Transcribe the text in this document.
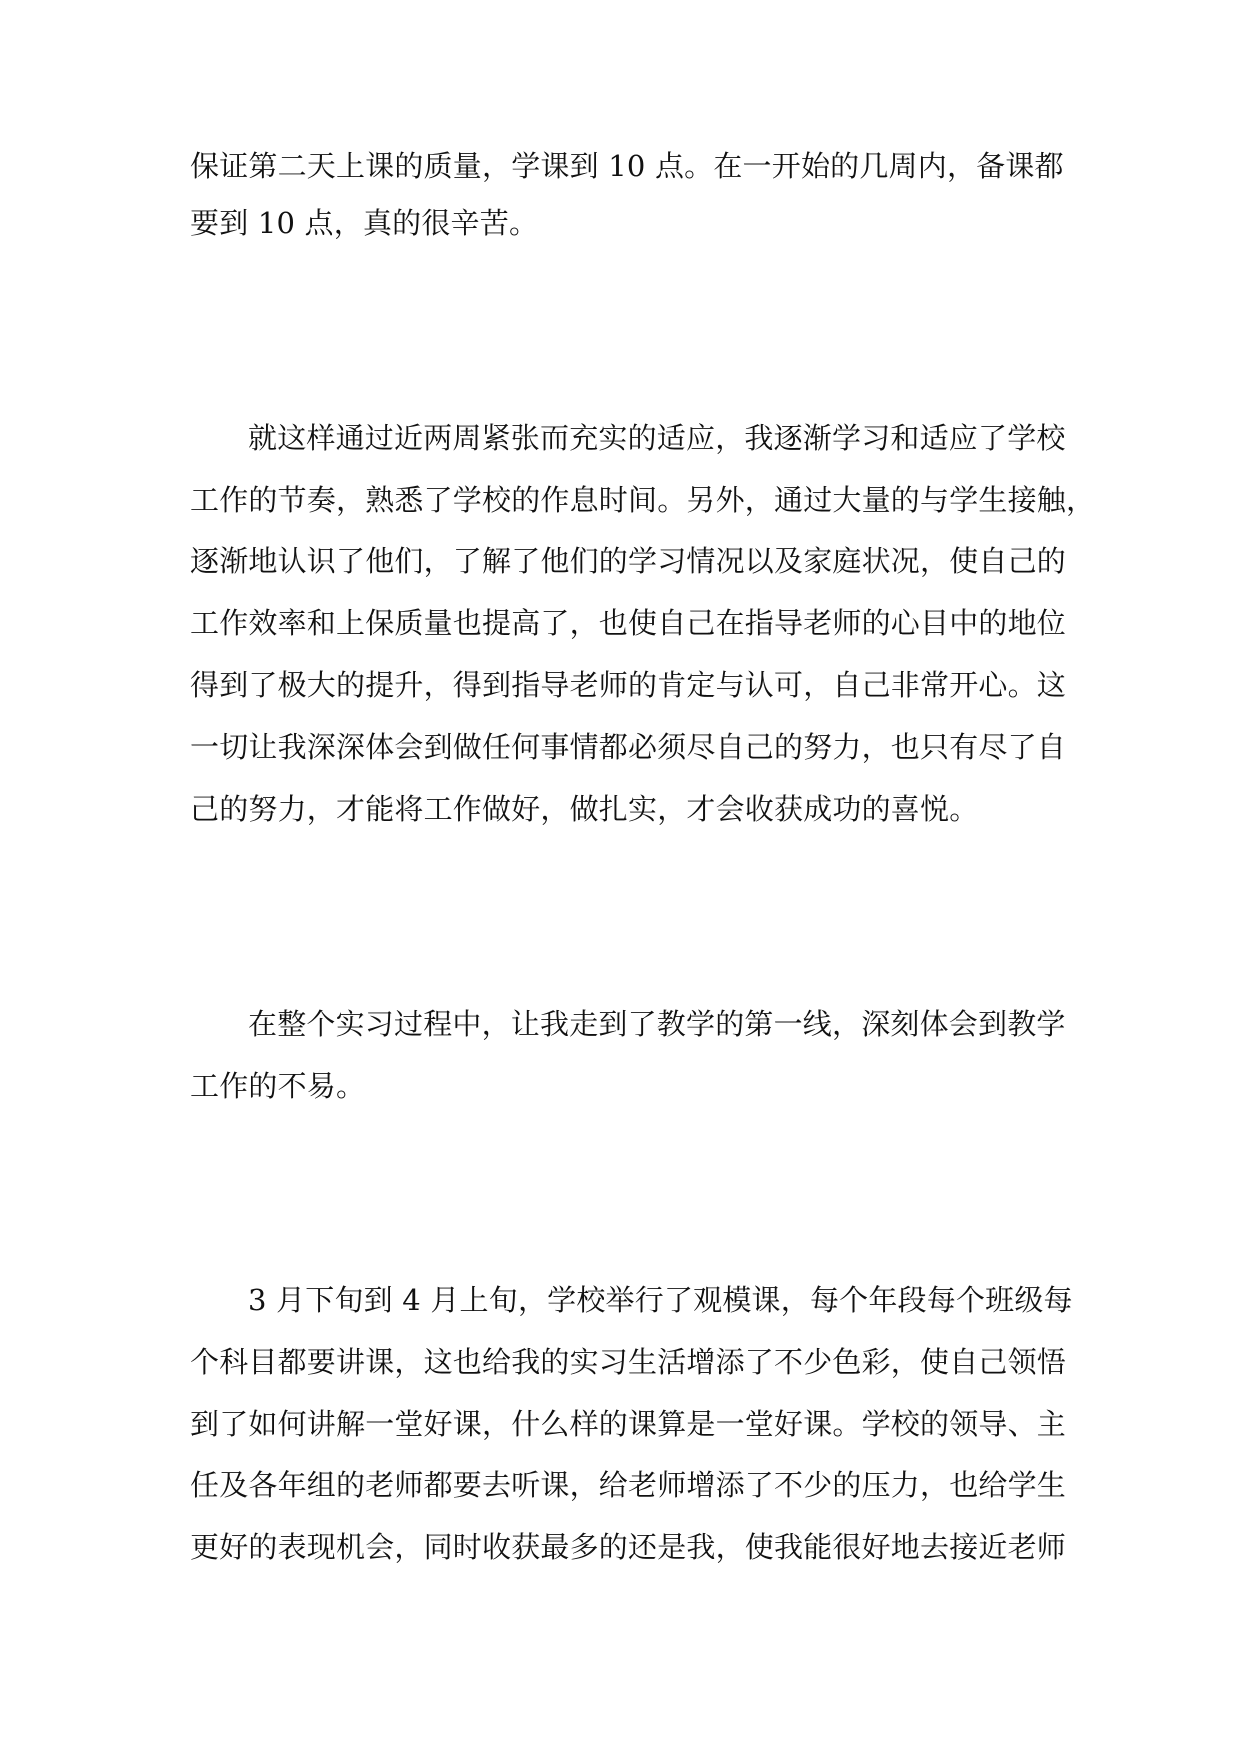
保证第二天上课的质量，学课到 10 点。在一开始的几周内，备课都
要到 10 点，真的很辛苦。
就这样通过近两周紧张而充实的适应，我逐渐学习和适应了学校
工作的节奏，熟悉了学校的作息时间。另外，通过大量的与学生接触，
逐渐地认识了他们，了解了他们的学习情况以及家庭状况，使自己的
工作效率和上保质量也提高了，也使自己在指导老师的心目中的地位
得到了极大的提升，得到指导老师的肯定与认可，自己非常开心。这
一切让我深深体会到做任何事情都必须尽自己的努力，也只有尽了自
己的努力，才能将工作做好，做扎实，才会收获成功的喜悦。
在整个实习过程中，让我走到了教学的第一线，深刻体会到教学
工作的不易。
3 月下旬到 4 月上旬，学校举行了观模课，每个年段每个班级每
个科目都要讲课，这也给我的实习生活增添了不少色彩，使自己领悟
到了如何讲解一堂好课，什么样的课算是一堂好课。学校的领导、主
任及各年组的老师都要去听课，给老师增添了不少的压力，也给学生
更好的表现机会，同时收获最多的还是我，使我能很好地去接近老师
